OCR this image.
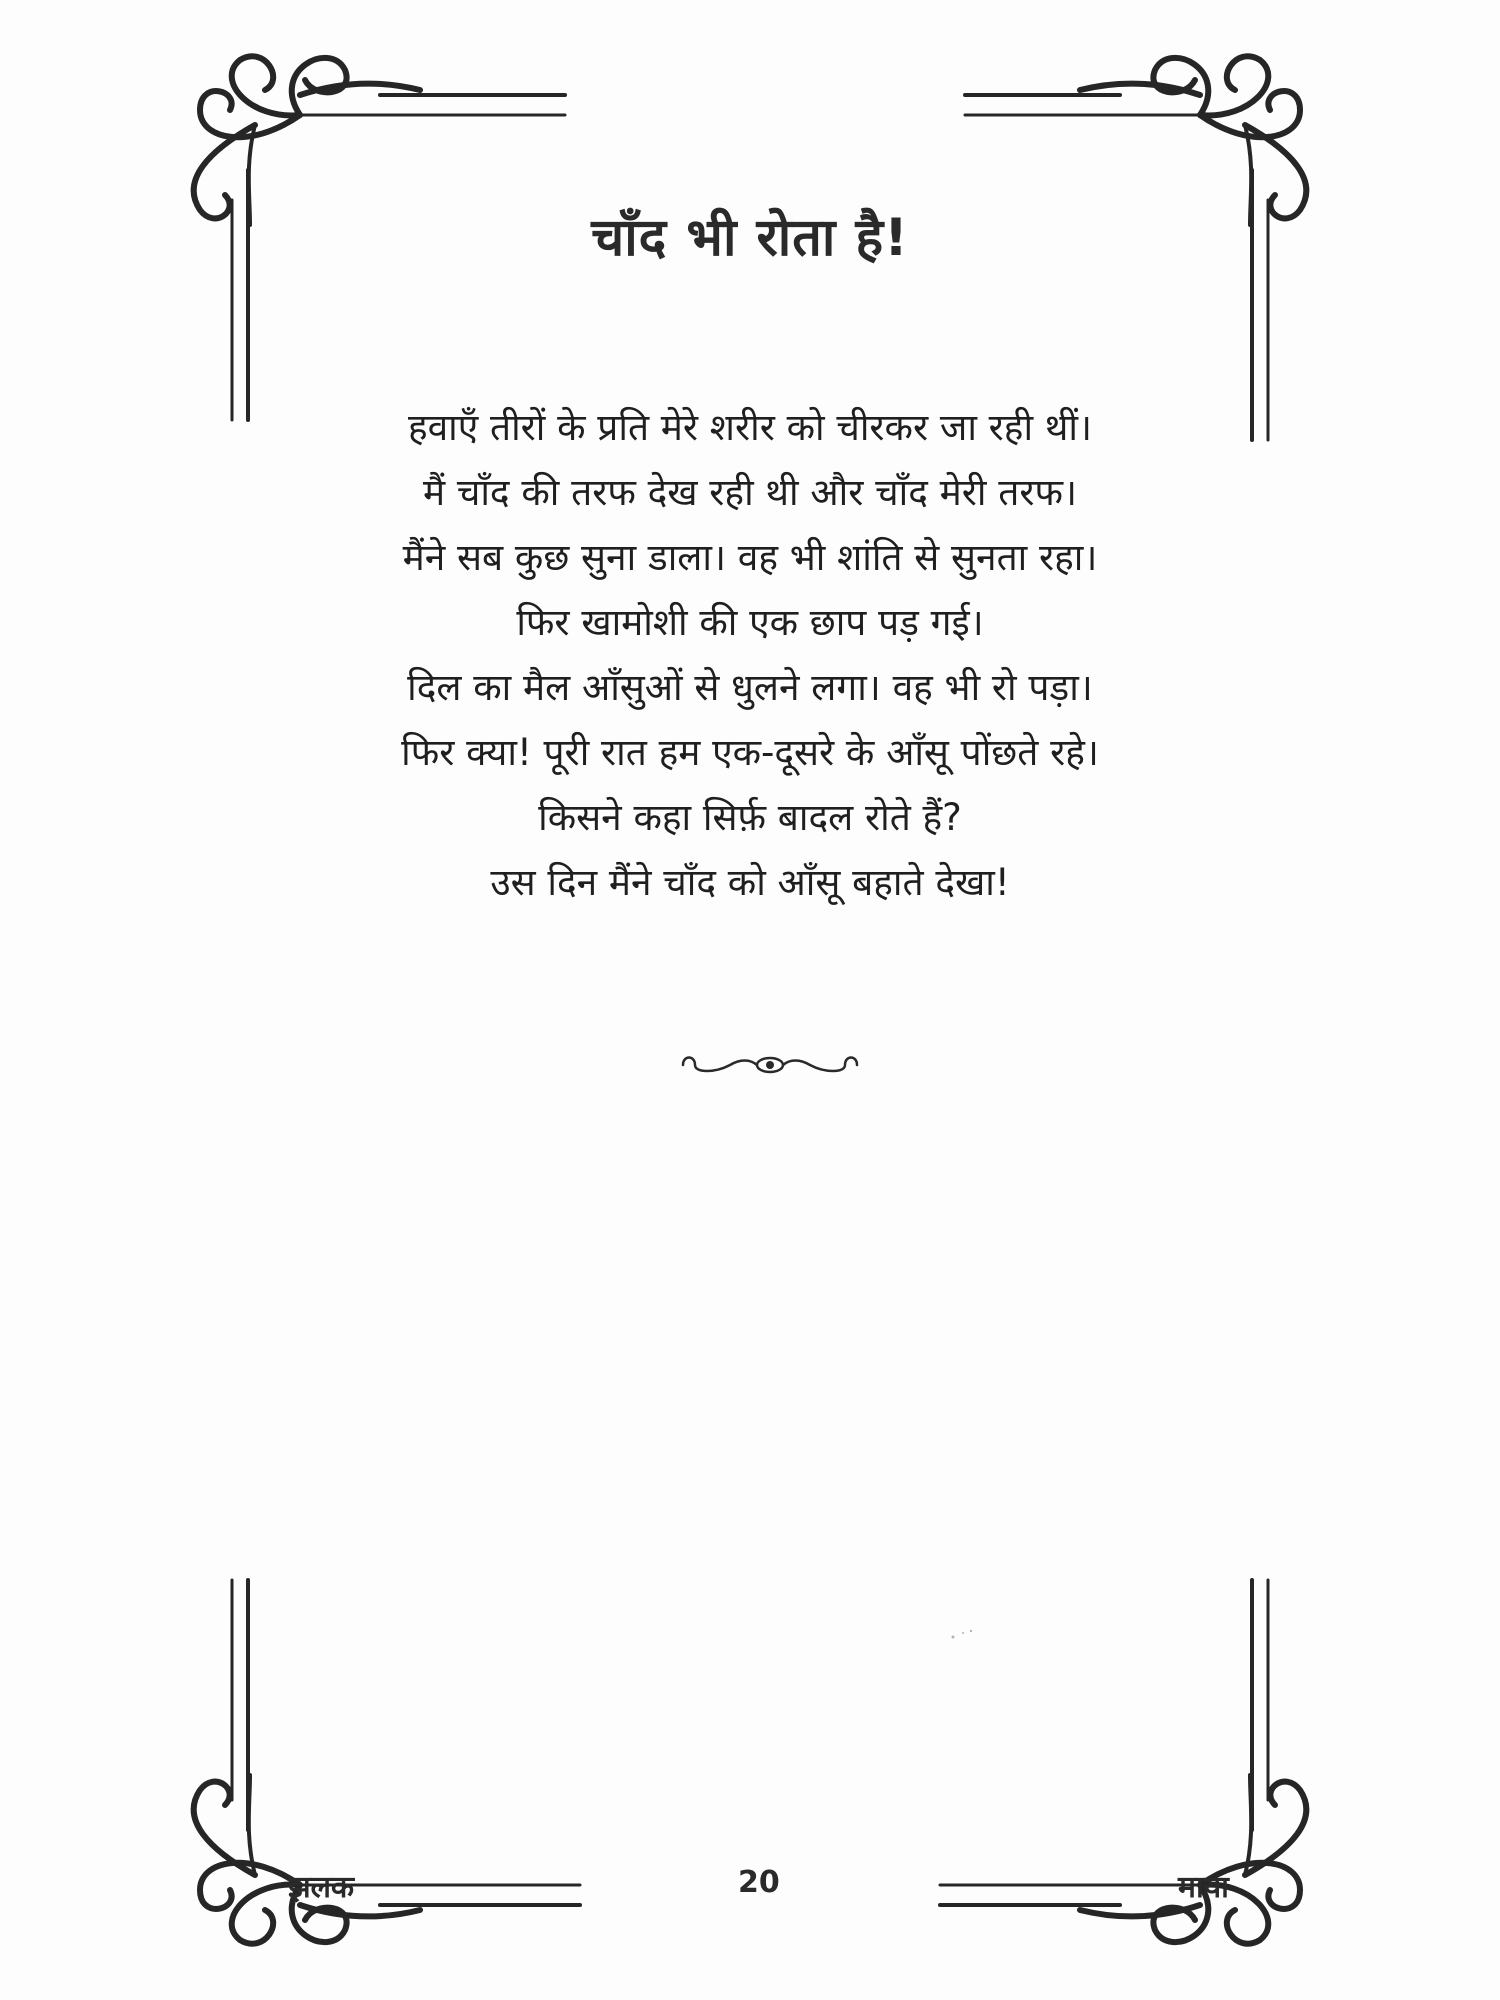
चाँद भी रोता है!
हवाएँ तीरों के प्रति मेरे शरीर को चीरकर जा रही थीं।
मैं चाँद की तरफ देख रही थी और चाँद मेरी तरफ।
मैंने सब कुछ सुना डाला। वह भी शांति से सुनता रहा।
फिर खामोशी की एक छाप पड़ गई।
दिल का मैल आँसुओं से धुलने लगा। वह भी रो पड़ा।
फिर क्या! पूरी रात हम एक-दूसरे के आँसू पोंछते रहे।
किसने कहा सिर्फ़ बादल रोते हैं?
उस दिन मैंने चाँद को आँसू बहाते देखा!
झलक	20	माया
